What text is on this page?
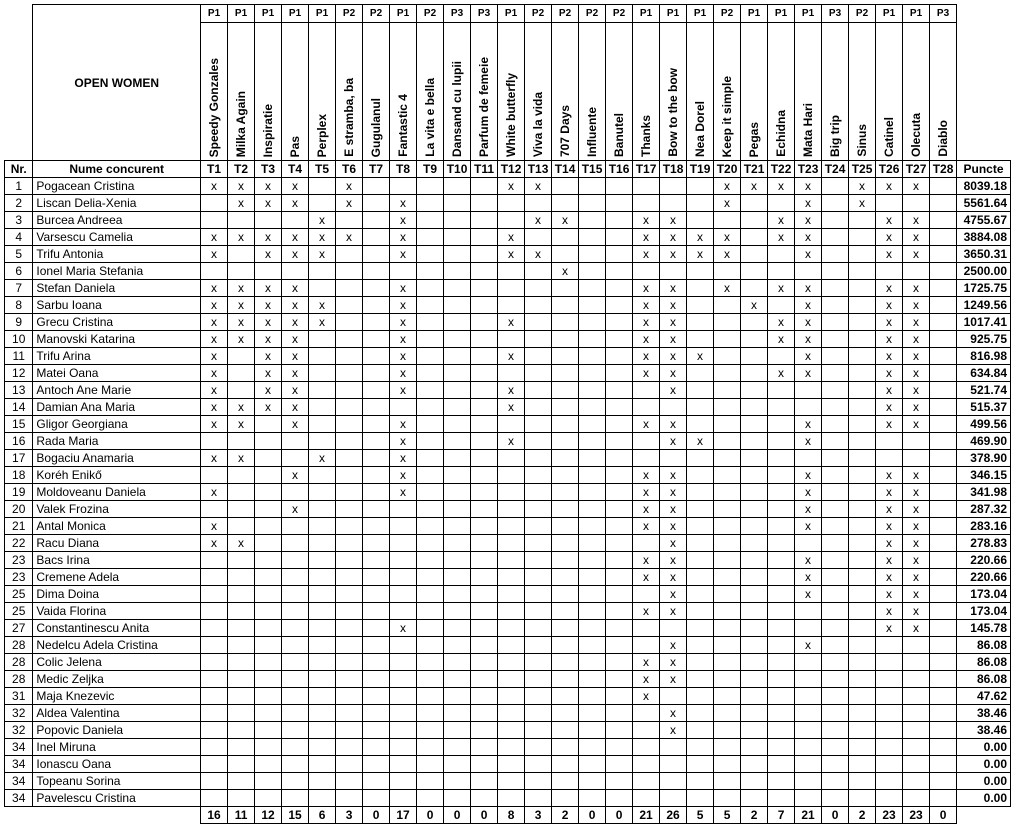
	OPEN WOMEN	P1	P1	P1	P1	P1	P2	P2	P1	P2	P3	P3	P1	P2	P2	P2	P2	P1	P1	P1	P2	P1	P1	P1	P3	P2	P1	P1	P3	

		Speedy Gonzales	Milka Again	Inspiratie	Pas	Perplex	E stramba, ba	Gugulanul	Fantastic 4	La vita e bella	Dansand cu lupii	Parfum de femeie	White butterfly	Viva la vida	707 Days	Influente	Banutel	Thanks	Bow to the bow	Nea Dorel	Keep it simple	Pegas	Echidna	Mata Hari	Big trip	Sinus	Catinel	Olecuta	Diablo	

Nr.	Nume concurent	T1	T2	T3	T4	T5	T6	T7	T8	T9	T10	T11	T12	T13	T14	T15	T16	T17	T18	T19	T20	T21	T22	T23	T24	T25	T26	T27	T28	Puncte
1	Pogacean Cristina	x	x	x	x		x						x	x							x	x	x	x		x	x	x		8039.18
2	Liscan Delia-Xenia		x	x	x		x		x												x			x		x				5561.64
3	Burcea Andreea					x			x					x	x			x	x				x	x			x	x		4755.67
4	Varsescu Camelia	x	x	x	x	x	x		x				x					x	x	x	x		x	x			x	x		3884.08
5	Trifu Antonia	x		x	x	x			x				x	x				x	x	x	x			x			x	x		3650.31
6	Ionel Maria Stefania														x															2500.00
7	Stefan Daniela	x	x	x	x				x									x	x		x		x	x			x	x		1725.75
8	Sarbu Ioana	x	x	x	x	x			x									x	x			x		x			x	x		1249.56
9	Grecu Cristina	x	x	x	x	x			x				x					x	x				x	x			x	x		1017.41
10	Manovski Katarina	x	x	x	x				x									x	x				x	x			x	x		925.75
11	Trifu Arina	x		x	x				x				x					x	x	x				x			x	x		816.98
12	Matei Oana	x		x	x				x									x	x				x	x			x	x		634.84
13	Antoch Ane Marie	x		x	x				x				x						x								x	x		521.74
14	Damian Ana Maria	x	x	x	x								x														x	x		515.37
15	Gligor Georgiana	x	x		x				x									x	x					x			x	x		499.56
16	Rada Maria								x				x						x	x				x						469.90
17	Bogaciu Anamaria	x	x			x			x																					378.90
18	Koréh Enikő				x				x									x	x					x			x	x		346.15
19	Moldoveanu Daniela	x							x									x	x					x			x	x		341.98
20	Valek Frozina				x													x	x					x			x	x		287.32
21	Antal Monica	x																x	x					x			x	x		283.16
22	Racu Diana	x	x																x								x	x		278.83
23	Bacs Irina																	x	x					x			x	x		220.66
23	Cremene Adela																	x	x					x			x	x		220.66
25	Dima Doina																		x					x			x	x		173.04
25	Vaida Florina																	x	x								x	x		173.04
27	Constantinescu Anita								x																		x	x		145.78
28	Nedelcu Adela Cristina																		x					x						86.08
28	Colic Jelena																	x	x											86.08
28	Medic Zeljka																	x	x											86.08
31	Maja Knezevic																	x												47.62
32	Aldea Valentina																		x											38.46
32	Popovic Daniela																		x											38.46
34	Inel Miruna																													0.00
34	Ionascu Oana																													0.00
34	Topeanu Sorina																													0.00
34	Pavelescu Cristina																													0.00
		16	11	12	15	6	3	0	17	0	0	0	8	3	2	0	0	21	26	5	5	2	7	21	0	2	23	23	0	
